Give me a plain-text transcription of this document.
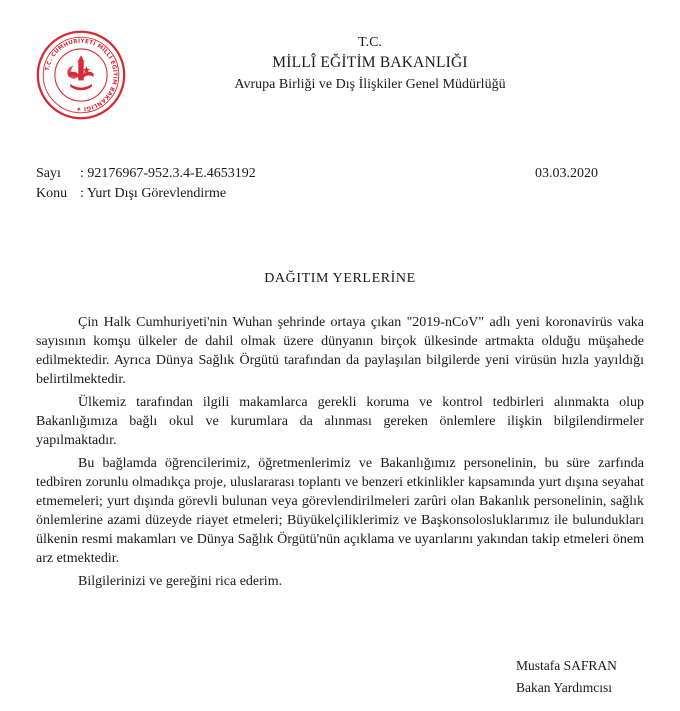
T.C. CUMHURİYETİ MİLLÎ EĞİTİM BAKANLIĞI ★
T.C.
MİLLÎ EĞİTİM BAKANLIĞI
Avrupa Birliği ve Dış İlişkiler Genel Müdürlüğü
Sayı	: 92176967-952.3.4-E.4653192	03.03.2020
Konu : Yurt Dışı Görevlendirme
DAĞITIM YERLERİNE

Çin Halk Cumhuriyeti'nin Wuhan şehrinde ortaya çıkan "2019-nCoV" adlı yeni koronavirüs vaka sayısının komşu ülkeler de dahil olmak üzere dünyanın birçok ülkesinde artmakta olduğu müşahede edilmektedir. Ayrıca Dünya Sağlık Örgütü tarafından da paylaşılan bilgilerde yeni virüsün hızla yayıldığı belirtilmektedir.

Ülkemiz tarafından ilgili makamlarca gerekli koruma ve kontrol tedbirleri alınmakta olup Bakanlığımıza bağlı okul ve kurumlara da alınması gereken önlemlere ilişkin bilgilendirmeler yapılmaktadır.

Bu bağlamda öğrencilerimiz, öğretmenlerimiz ve Bakanlığımız personelinin, bu süre zarfında tedbiren zorunlu olmadıkça proje, uluslararası toplantı ve benzeri etkinlikler kapsamında yurt dışına seyahat etmemeleri; yurt dışında görevli bulunan veya görevlendirilmeleri zarûri olan Bakanlık personelinin, sağlık önlemlerine azami düzeyde riayet etmeleri; Büyükelçiliklerimiz ve Başkonsolosluklarımız ile bulundukları ülkenin resmi makamları ve Dünya Sağlık Örgütü'nün açıklama ve uyarılarını yakından takip etmeleri önem arz etmektedir.

Bilgilerinizi ve gereğini rica ederim.

Mustafa SAFRAN
Bakan Yardımcısı
